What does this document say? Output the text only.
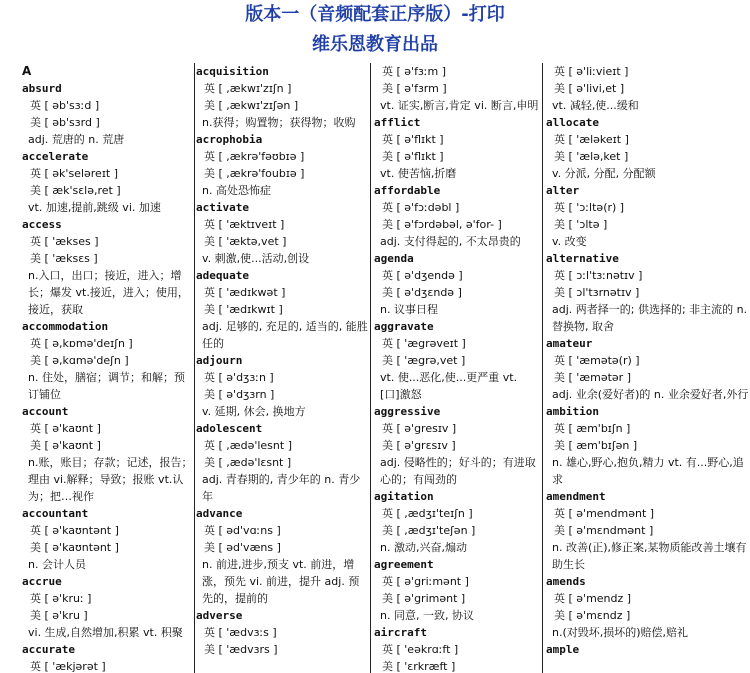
版本一（音频配套正序版）-打印
维乐恩教育出品
A
absurd
英 [ əb'sɜːd ]
美 [ əb'sɜrd ]
adj. 荒唐的 n. 荒唐
accelerate
英 [ ək'seləreɪt ]
美 [ æk'sɛlə,ret ]
vt. 加速,提前,跳级 vi. 加速
access
英 [ 'ækses ]
美 [ 'æksɛs ]
n.入口，出口；接近，进入；增长；爆发 vt.接近，进入；使用，接近，获取
accommodation
英 [ ə,kɒmə'deɪʃn ]
美 [ ə,kɑmə'deʃn ]
n. 住处，膳宿；调节；和解；预订铺位
account
英 [ ə'kaʊnt ]
美 [ ə'kaʊnt ]
n.账，账目；存款；记述，报告；理由 vi.解释；导致；报账 vt.认为；把…视作
accountant
英 [ ə'kaʊntənt ]
美 [ ə'kaʊntənt ]
n. 会计人员
accrue
英 [ ə'kruː ]
美 [ ə'kru ]
vi. 生成,自然增加,积累 vt. 积聚
accurate
英 [ 'ækjərət ]
acquisition
英 [ ,ækwɪ'zɪʃn ]
美 [ ,ækwɪ'zɪʃən ]
n.获得；购置物；获得物；收购
acrophobia
英 [ ,ækrə'fəʊbɪə ]
美 [ ,ækrə'foubɪə ]
n. 高处恐怖症
activate
英 [ 'æktɪveɪt ]
美 [ 'æktə,vet ]
v. 刺激,使...活动,创设
adequate
英 [ 'ædɪkwət ]
美 [ 'ædɪkwɪt ]
adj. 足够的, 充足的, 适当的, 能胜任的
adjourn
英 [ ə'dʒɜːn ]
美 [ ə'dʒɜrn ]
v. 延期, 休会, 换地方
adolescent
英 [ ,ædə'lesnt ]
美 [ ,ædə'lɛsnt ]
adj. 青春期的, 青少年的 n. 青少年
advance
英 [ əd'vɑːns ]
美 [ əd'væns ]
n. 前进,进步,预支 vt. 前进，增涨，预先 vi. 前进，提升 adj. 预先的，提前的
adverse
英 [ 'ædvɜːs ]
美 [ 'ædvɜrs ]
英 [ ə'fɜːm ]
美 [ ə'fɜrm ]
vt. 证实,断言,肯定 vi. 断言,申明
afflict
英 [ ə'flɪkt ]
美 [ ə'flɪkt ]
vt. 使苦恼,折磨
affordable
英 [ ə'fɔːdəbl ]
美 [ ə'fɔrdəbəl, ə'for- ]
adj. 支付得起的, 不太昂贵的
agenda
英 [ ə'dʒendə ]
美 [ ə'dʒɛndə ]
n. 议事日程
aggravate
英 [ 'ægrəveɪt ]
美 [ 'ægrə,vet ]
vt. 使...恶化,使...更严重 vt. [口]激怒
aggressive
英 [ ə'gresɪv ]
美 [ ə'grɛsɪv ]
adj. 侵略性的；好斗的；有进取心的；有闯劲的
agitation
英 [ ,ædʒɪ'teɪʃn ]
美 [ ,ædʒɪ'teʃən ]
n. 激动,兴奋,煽动
agreement
英 [ ə'griːmənt ]
美 [ ə'grimənt ]
n. 同意, 一致, 协议
aircraft
英 [ 'eəkrɑːft ]
美 [ 'ɛrkræft ]
英 [ ə'liːvieɪt ]
美 [ ə'livi,et ]
vt. 减轻,使...缓和
allocate
英 [ 'æləkeɪt ]
美 [ 'ælə,ket ]
v. 分派, 分配, 分配额
alter
英 [ 'ɔːltə(r) ]
美 [ 'ɔltə ]
v. 改变
alternative
英 [ ɔːl'tɜːnətɪv ]
美 [ ɔl'tɜrnətɪv ]
adj. 两者择一的; 供选择的; 非主流的 n. 替换物, 取舍
amateur
英 [ 'æmətə(r) ]
美 [ 'æmətər ]
adj. 业余(爱好者)的 n. 业余爱好者,外行
ambition
英 [ æm'bɪʃn ]
美 [ æm'bɪʃən ]
n. 雄心,野心,抱负,精力 vt. 有...野心,追求
amendment
英 [ ə'mendmənt ]
美 [ ə'mɛndmənt ]
n. 改善(正),修正案,某物质能改善土壤有助生长
amends
英 [ ə'mendz ]
美 [ ə'mɛndz ]
n.(对毁坏,损坏的)赔偿,赔礼
ample
